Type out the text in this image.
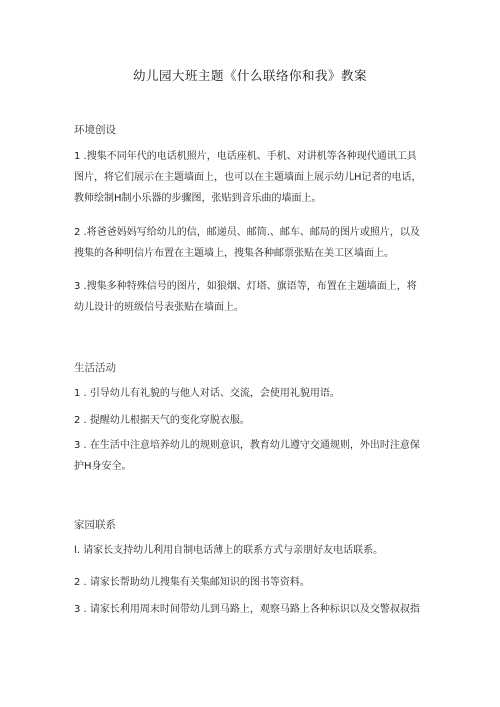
幼儿园大班主题《什么联络你和我》教案
环境创设
1 .搜集不同年代的电话机照片，电话座机、手机、对讲机等各种现代通讯工具
图片，将它们展示在主题墙面上，也可以在主题墙面上展示幼儿H记者的电话，
教师绘制H制小乐器的步骤图，张贴到音乐曲的墙面上。
2 .将爸爸妈妈写给幼儿的信，邮递员、邮筒.、邮车、邮局的图片或照片，以及
搜集的各种明信片布置在主题墙上，搜集各种邮票张贴在美工区墙面上。
3 .搜集多种特殊信号的图片，如狼烟、灯塔、旗语等，布置在主题墙面上，将
幼儿设计的班级信号表张贴在墙面上。
生活活动
1 . 引导幼儿有礼貌的与他人对话、交流，会使用礼貌用语。
2 . 提醒幼儿根据天气的变化穿脱衣服。
3 . 在生活中注意培养幼儿的规则意识，教育幼儿遵守交通规则，外出时注意保
护H身安全。
家园联系
l. 请家长支持幼儿利用自制电话薄上的联系方式与亲朋好友电话联系。
2 . 请家长帮助幼儿搜集有关集邮知识的图书等资料。
3 . 请家长利用周末时间带幼儿到马路上，观察马路上各种标识以及交警叔叔指
